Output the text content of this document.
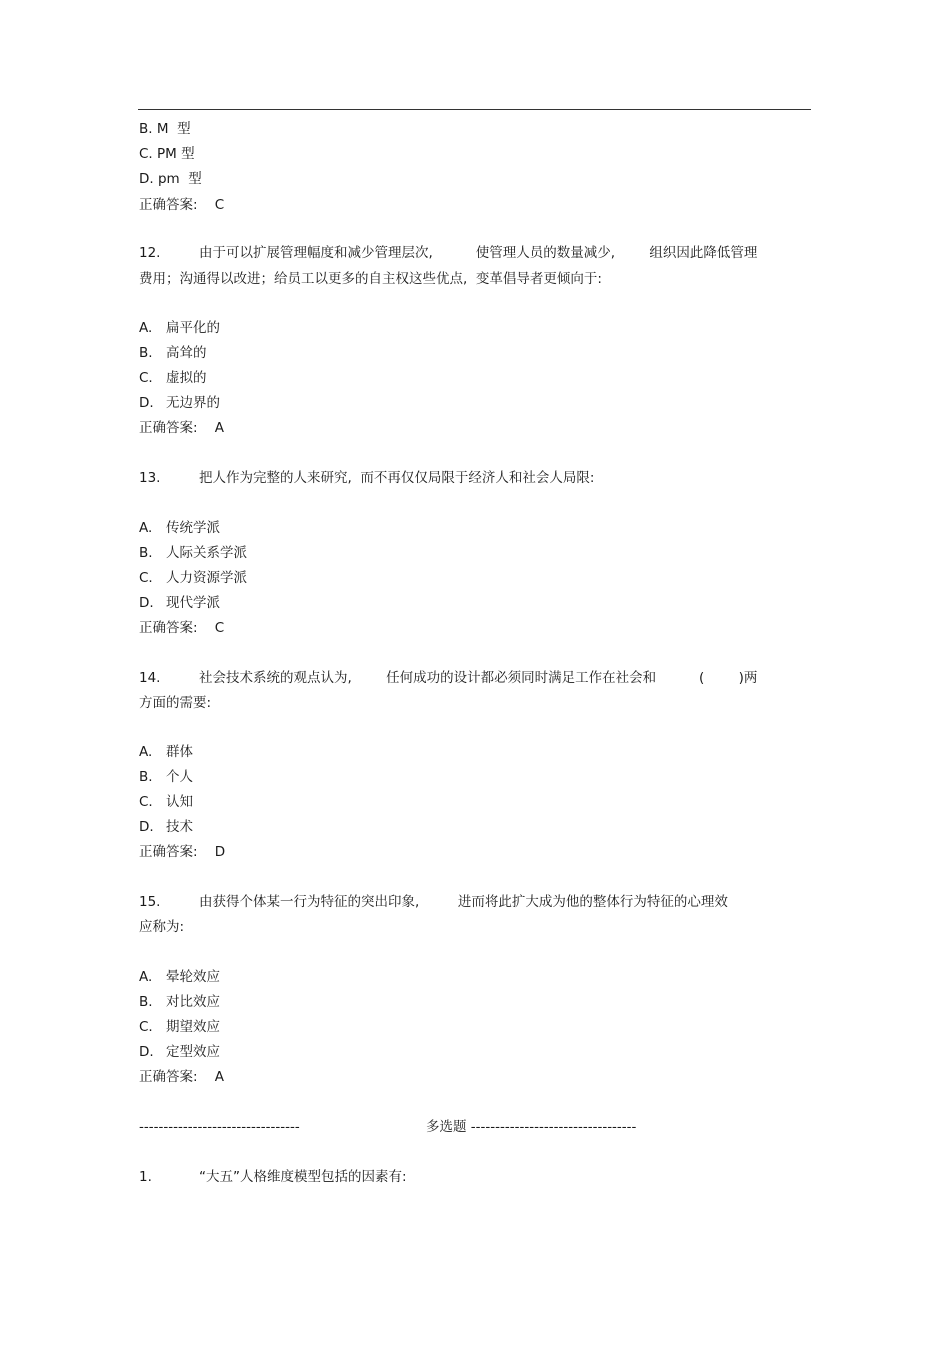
B. M  型
C. PM 型
D. pm  型
正确答案:    C
12.	由于可以扩展管理幅度和减少管理层次,          使管理人员的数量减少,        组织因此降低管理
费用；沟通得以改进；给员工以更多的自主权这些优点,  变革倡导者更倾向于:
A. 扁平化的
B. 高耸的
C. 虚拟的
D. 无边界的
正确答案:    A
13.	把人作为完整的人来研究,  而不再仅仅局限于经济人和社会人局限:
A. 传统学派
B. 人际关系学派
C. 人力资源学派
D. 现代学派
正确答案:    C
14.	社会技术系统的观点认为,        任何成功的设计都必须同时满足工作在社会和          (        )两
方面的需要:
A. 群体
B. 个人
C. 认知
D. 技术
正确答案:    D
15.	由获得个体某一行为特征的突出印象,         进而将此扩大成为他的整体行为特征的心理效
应称为:
A. 晕轮效应
B. 对比效应
C. 期望效应
D. 定型效应
正确答案:    A
---------------------------------	多选题 ----------------------------------
1.	“大五”人格维度模型包括的因素有:
